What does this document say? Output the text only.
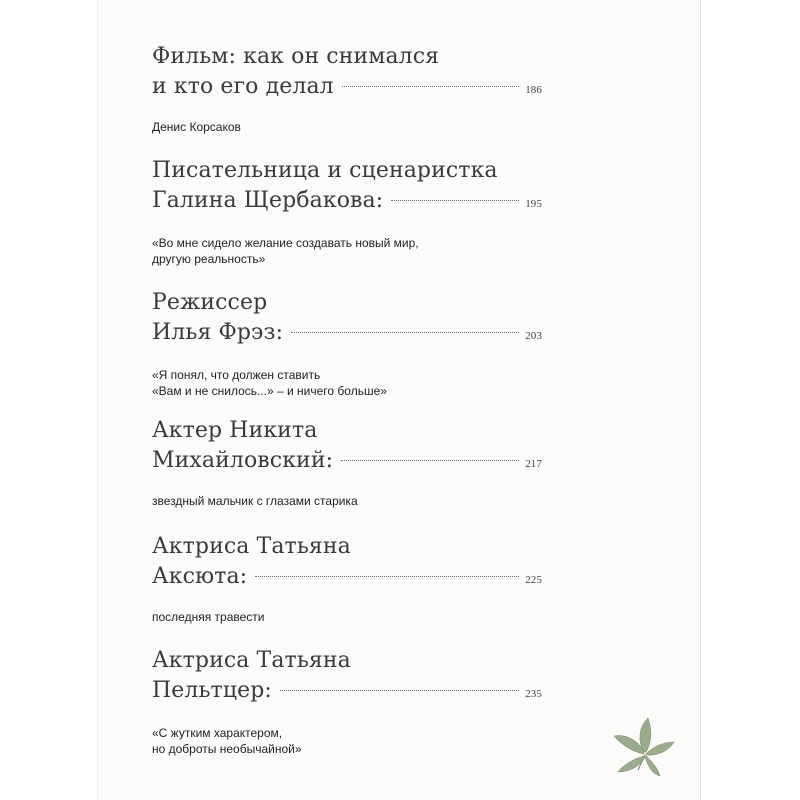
Фильм: как он снимался
и кто его делал	186
Денис Корсаков
Писательница и сценаристка
Галина Щербакова:	195
«Во мне сидело желание создавать новый мир,
другую реальность»
Режиссер
Илья Фрэз:	203
«Я понял, что должен ставить
«Вам и не снилось...» – и ничего больше»
Актер Никита
Михайловский:	217
звездный мальчик с глазами старика
Актриса Татьяна
Аксюта:	225
последняя травести
Актриса Татьяна
Пельтцер:	235
«С жутким характером,
но доброты необычайной»
